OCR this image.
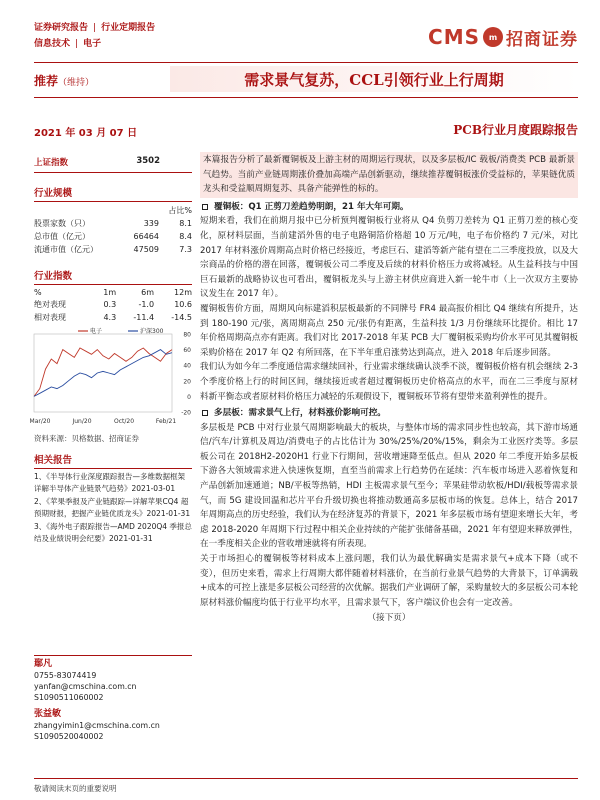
证券研究报告 | 行业定期报告
信息技术 | 电子	CMS	m 招商证券
推荐（维持）	需求景气复苏，CCL引领行业上行周期
2021 年 03 月 07 日	PCB行业月度跟踪报告
上证指数	3502
行业规模
		占比%
股票家数（只）	339	8.1
总市值（亿元）	66464	8.4
流通市值（亿元）	47509	7.3
行业指数
%	1m	6m	12m
绝对表现	0.3	-1.0	10.6
相对表现	4.3	-11.4	-14.5
80
60
40
20
0
-20
Mar/20	Jun/20	Oct/20	Feb/21
电子	沪深300
资料来源：贝格数据、招商证券
相关报告
1、《半导体行业深度跟踪报告—多维数据框架详解半导体产业链景气趋势》2021-03-01
2、《苹果季报及产业链跟踪—详解苹果CQ4 超预期财报，把握产业链优质龙头》2021-01-31
3、《海外电子跟踪报告—AMD 2020Q4 季报总结及业绩说明会纪要》2021-01-31
鄢凡
0755-83074419
yanfan@cmschina.com.cn
S1090511060002
张益敏
zhangyimin1@cmschina.com.cn
S1090520040002
本篇报告分析了最新覆铜板及上游主材的周期运行现状，以及多层板/IC 载板/消费类 PCB 最新景气趋势。当前产业链周期涨价叠加高端产品创新驱动，继续推荐覆铜板涨价受益标的，苹果链优质龙头和受益顺周期复苏、具备产能弹性的标的。
覆铜板：Q1 正剪刀差趋势明朗，21 年大年可期。
短期来看，我们在前期月报中已分析预判覆铜板行业将从 Q4 负剪刀差转为 Q1 正剪刀差的核心变化，原材料层面，当前建滔外售的电子电路铜箔价格超 10 万元/吨，电子布价格约 7 元/米，对比 2017 年材料涨价周期高点时价格已经接近，考虑巨石、建滔等新产能有望在二三季度投放，以及大宗商品的价格的潜在回落，覆铜板公司二季度及后续的材料价格压力或将减轻。从生益科技与中国巨石最新的战略协议也可看出，覆铜板龙头与上游主材供应商进入新一轮牛市（上一次双方主要协议发生在 2017 年）。
覆铜板售价方面，周期风向标建滔积层板最新的不同牌号 FR4 最高报价相比 Q4 继续有所提升，达到 180-190 元/张，离周期高点 250 元/张仍有距离，生益科技 1/3 月份继续环比提价。相比 17 年价格周期高点亦有距离。我们对比 2017-2018 年某 PCB 大厂覆铜板采购均价水平可见其覆铜板采购价格在 2017 年 Q2 有所回落，在下半年重启涨势达到高点，进入 2018 年后逐步回落。
我们认为如今年二季度通信需求继续回补，行业需求继续确认淡季不淡，覆铜板价格有机会继续 2-3 个季度价格上行的时间区间，继续接近或者超过覆铜板历史价格高点的水平，而在二三季度与原材料新平衡态或者原材料价格压力减轻的乐观假设下，覆铜板环节将有望带来盈利弹性的提升。
多层板：需求景气上行，材料涨价影响可控。
多层板是 PCB 中对行业景气周期影响最大的板块，与整体市场的需求同步性也较高，其下游市场通信/汽车/计算机及周边/消费电子的占比估计为 30%/25%/20%/15%，剩余为工业医疗类等。多层板公司在 2018H2-2020H1 行业下行期间，营收增速降至低点。但从 2020 年二季度开始多层板下游各大领域需求进入快速恢复期，直至当前需求上行趋势仍在延续：汽车板市场进入恶着恢复和产品创新加速通道；NB/平板等热销，HDI 主板需求景气至今；苹果硅带动软板/HDI/载板等需求景气，而 5G 建设回温和芯片平台升级切换也将推动数通高多层板市场的恢复。总体上，结合 2017 年周期高点的历史经验，我们认为在经济复苏的背景下，2021 年多层板市场有望迎来增长大年，考虑 2018-2020 年周期下行过程中相关企业持续的产能扩张储备基础，2021 年有望迎来释放弹性，在一季度相关企业的营收增速就将有所表现。
关于市场担心的覆铜板等材料成本上涨问题，我们认为最优解确实是需求景气+成本下降（或不变），但历史来看，需求上行周期大都伴随着材料涨价，在当前行业景气趋势的大背景下，订单满载+成本的可控上涨是多层板公司经营的次优解。据我们产业调研了解，采购量较大的多层板公司本轮原材料涨价幅度均低于行业平均水平，且需求景气下，客户端议价也会有一定改善。
（接下页）
敬请阅读末页的重要说明
